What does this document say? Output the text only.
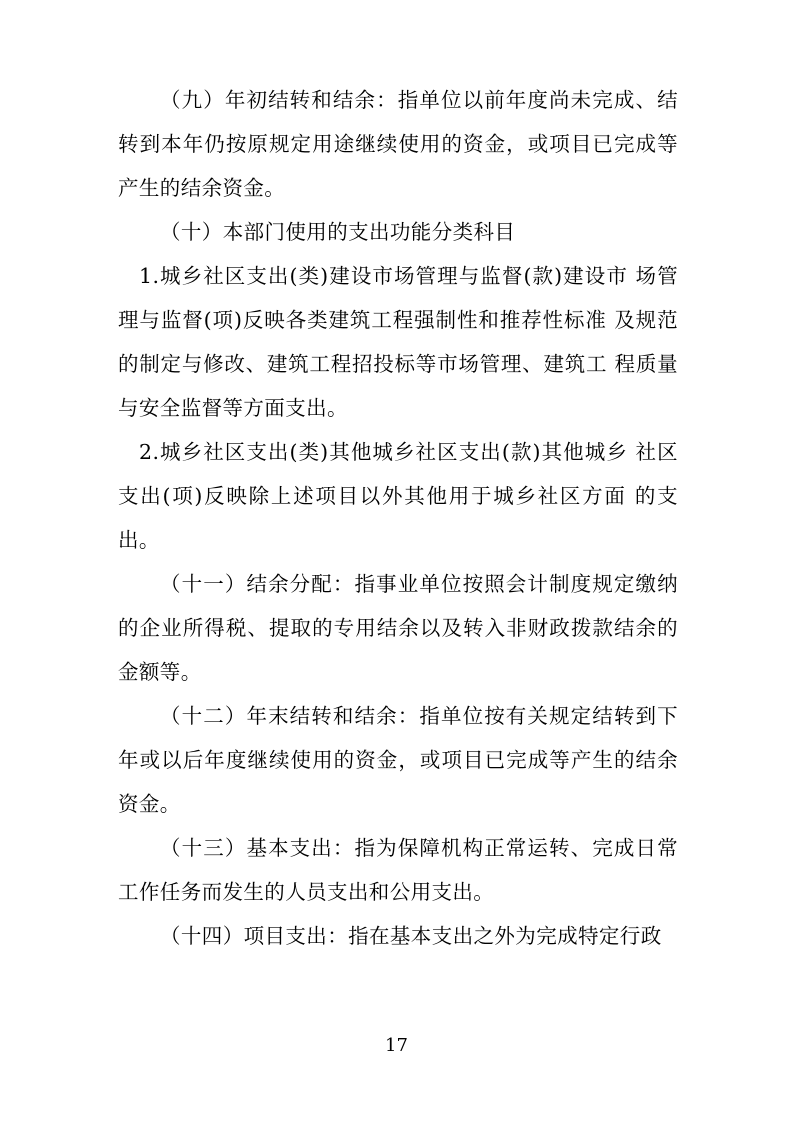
（九）年初结转和结余：指单位以前年度尚未完成、结转到本年仍按原规定用途继续使用的资金，或项目已完成等产生的结余资金。

（十）本部门使用的支出功能分类科目

1.城乡社区支出(类)建设市场管理与监督(款)建设市 场管理与监督(项)反映各类建筑工程强制性和推荐性标准 及规范的制定与修改、建筑工程招投标等市场管理、建筑工 程质量与安全监督等方面支出。

2.城乡社区支出(类)其他城乡社区支出(款)其他城乡 社区支出(项)反映除上述项目以外其他用于城乡社区方面 的支出。

（十一）结余分配：指事业单位按照会计制度规定缴纳的企业所得税、提取的专用结余以及转入非财政拨款结余的金额等。

（十二）年末结转和结余：指单位按有关规定结转到下年或以后年度继续使用的资金，或项目已完成等产生的结余资金。

（十三）基本支出：指为保障机构正常运转、完成日常工作任务而发生的人员支出和公用支出。

（十四）项目支出：指在基本支出之外为完成特定行政

17
